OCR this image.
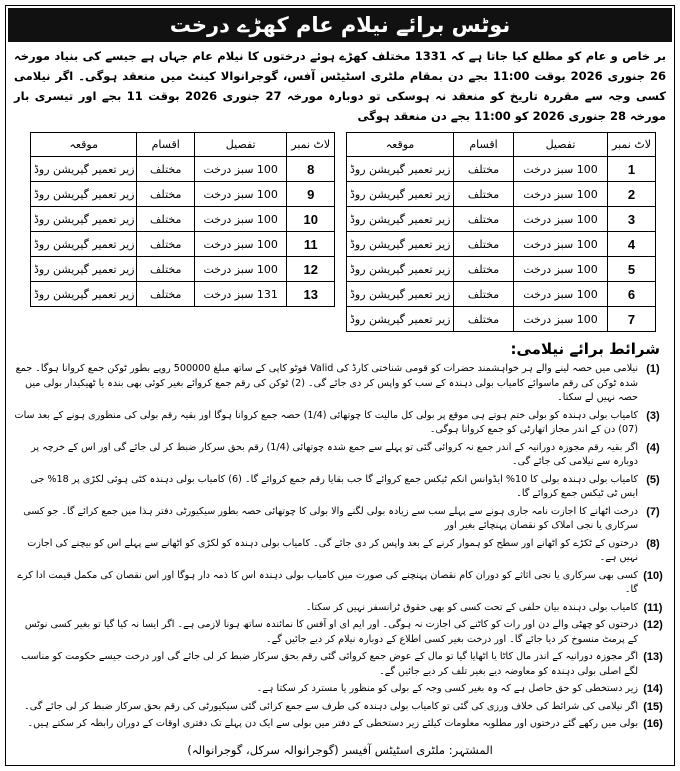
نوٹس برائے نیلام عام کھڑے درخت
بر خاص و عام کو مطلع کیا جاتا ہے کہ 1331 مختلف کھڑے ہوئے درختوں کا نیلام عام جہاں ہے جیسے کی بنیاد مورخہ 26 جنوری 2026 بوقت 11:00 بجے دن بمقام ملٹری اسٹیٹس آفس، گوجرانوالا کینٹ میں منعقد ہوگی۔ اگر نیلامی کسی وجہ سے مقررہ تاریخ کو منعقد نہ ہوسکی تو دوبارہ مورخہ 27 جنوری 2026 بوقت 11 بجے اور تیسری بار مورخہ 28 جنوری 2026 کو 11:00 بجے دن منعقد ہوگی
لاٹ نمبر	تفصیل	اقسام	موقعہ
1	100 سبز درخت	مختلف	زیر تعمیر گیریشن روڈ
2	100 سبز درخت	مختلف	زیر تعمیر گیریشن روڈ
3	100 سبز درخت	مختلف	زیر تعمیر گیریشن روڈ
4	100 سبز درخت	مختلف	زیر تعمیر گیریشن روڈ
5	100 سبز درخت	مختلف	زیر تعمیر گیریشن روڈ
6	100 سبز درخت	مختلف	زیر تعمیر گیریشن روڈ
7	100 سبز درخت	مختلف	زیر تعمیر گیریشن روڈ
لاٹ نمبر	تفصیل	اقسام	موقعہ
8	100 سبز درخت	مختلف	زیر تعمیر گیریشن روڈ
9	100 سبز درخت	مختلف	زیر تعمیر گیریشن روڈ
10	100 سبز درخت	مختلف	زیر تعمیر گیریشن روڈ
11	100 سبز درخت	مختلف	زیر تعمیر گیریشن روڈ
12	100 سبز درخت	مختلف	زیر تعمیر گیریشن روڈ
13	131 سبز درخت	مختلف	زیر تعمیر گیریشن روڈ
شرائط برائے نیلامی:
(1)
نیلامی میں حصہ لینے والے ہر خواہشمند حضرات کو قومی شناختی کارڈ کی Valid فوٹو کاپی کے ساتھ مبلغ 500000 روپے بطور ٹوکن جمع کروانا ہوگا۔ جمع شدہ ٹوکن کی رقم ماسوائے کامیاب بولی دہندہ کے سب کو واپس کر دی جائے گی۔ (2) ٹوکن کی رقم جمع کروائے بغیر کوئی بھی بندہ یا ٹھیکیدار بولی میں حصہ نہیں لے سکتا۔
(3)
کامیاب بولی دہندہ کو بولی ختم ہوتے ہی موقع پر بولی کل مالیت کا چوتھائی (1/4) حصہ جمع کروانا ہوگا اور بقیہ رقم بولی کی منظوری ہونے کے بعد سات (07) دن کے اندر مجاز اتھارٹی کو جمع کروانا ہوگی۔
(4)
اگر بقیہ رقم مجوزہ دورانیہ کے اندر جمع نہ کروائی گئی تو پہلے سے جمع شدہ چوتھائی (1/4) رقم بحق سرکار ضبط کر لی جائے گی اور اس کے خرچہ پر دوبارہ سے نیلامی کی جائے گی۔
(5)
کامیاب بولی دہندہ بولی کا 10% ایڈوانس انکم ٹیکس جمع کروائے گا جب بقایا رقم جمع کروائے گا۔ (6) کامیاب بولی دہندہ کٹی ہوئی لکڑی پر 18% جی ایس ٹی ٹیکس جمع کروائے گا۔
(7)
درخت اٹھانے کا اجازت نامہ جاری ہونے سے پہلے سب سے زیادہ بولی لگنے والا بولی کا چوتھائی حصہ بطور سیکیورٹی دفتر ہذا میں جمع کرائے گا۔ جو کسی سرکاری یا نجی املاک کو نقصان پہنچائے بغیر اور
(8)
درختوں کے ٹکڑے کو اٹھانے اور سطح کو ہموار کرنے کے بعد واپس کر دی جائے گی۔ کامیاب بولی دہندہ کو لکڑی کو اٹھانے سے پہلے اس کو بیچنے کی اجازت نہیں ہے۔
(10)
کسی بھی سرکاری یا نجی اثاثے کو دوران کام نقصان پہنچنے کی صورت میں کامیاب بولی دہندہ اس کا ذمہ دار ہوگا اور اس نقصان کی مکمل قیمت ادا کرے گا۔
(11)
کامیاب بولی دہندہ بیان حلفی کے تحت کسی کو بھی حقوق ٹرانسفر نہیں کر سکتا۔
(12)
درختوں کو چھٹی والے دن اور رات کو کاٹنے کی اجازت نہ ہوگی۔ اور ایم ای او آفس کا نمائندہ ساتھ ہونا لازمی ہے۔ اگر ایسا نہ کیا گیا تو بغیر کسی نوٹس کے پرمٹ منسوخ کر دیا جائے گا۔ اور درخت بغیر کسی اطلاع کے دوبارہ نیلام کر دیے جائیں گے۔
(13)
اگر مجوزہ دورانیہ کے اندر مال کاٹا یا اٹھایا گیا تو مال کے عوض جمع کروائی گئی رقم بحق سرکار ضبط کر لی جائے گی اور درخت جیسے حکومت کو مناسب لگے اصلی بولی دہندہ کو معاوضہ دیے بغیر تلف کر دیے جائیں گے۔
(14)
زیر دستخطی کو حق حاصل ہے کہ وہ بغیر کسی وجہ کے بولی کو منظور یا مسترد کر سکتا ہے۔
(15)
اگر نیلامی کی شرائط کی خلاف ورزی کی گئی تو کامیاب بولی دہندہ کی طرف سے جمع کرائی گئی سیکیورٹی کی رقم بحق سرکار ضبط کر لی جائے گی۔
(16)
بولی میں رکھے گئے درختوں اور مطلوبہ معلومات کیلئے زیر دستخطی کے دفتر میں بولی سے ایک دن پہلے تک دفتری اوقات کے دوران رابطہ کر سکتے ہیں۔
المشتہر: ملٹری اسٹیٹس آفیسر (گوجرانوالہ سرکل، گوجرانوالہ)
